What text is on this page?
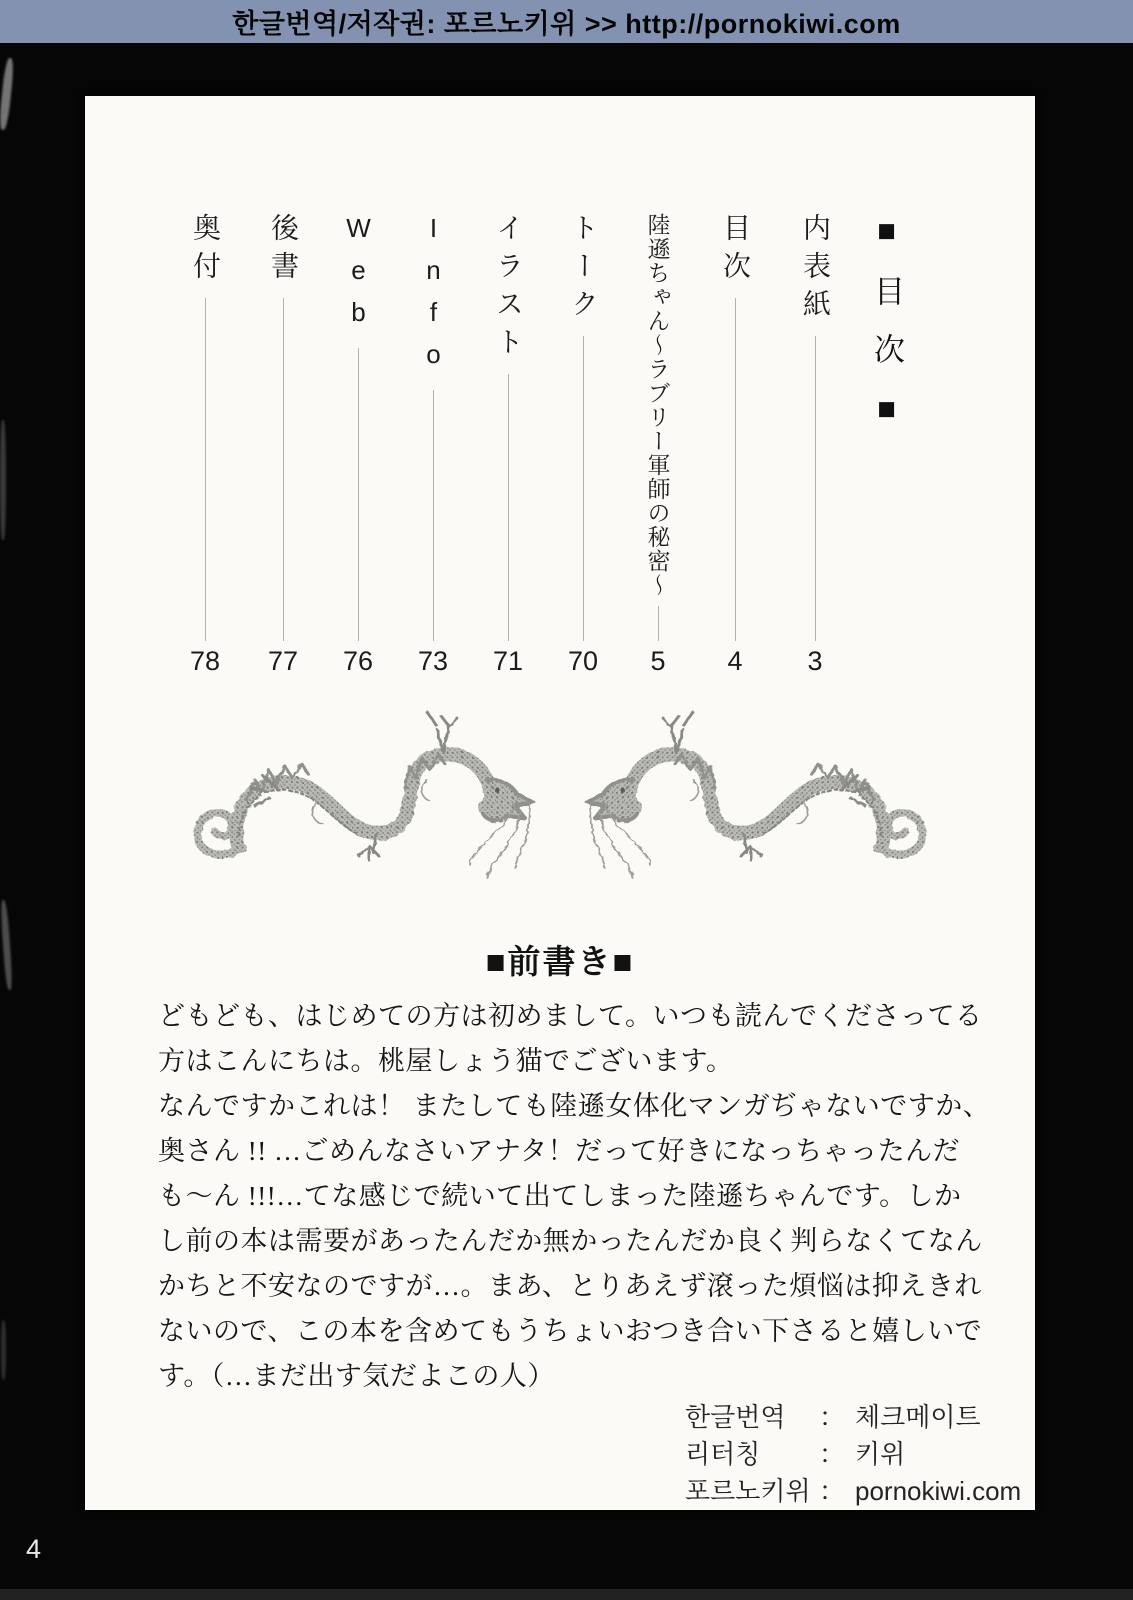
한글번역/저작권: 포르노키위 >> http://pornokiwi.com
■目次■
内表紙
3
目次
4
陸遜ちゃん～ラブリー軍師の秘密～
5
トーク
70
イラスト
71
Info
73
Web
76
後書
77
奥付
78
■前書き■
どもども、はじめての方は初めまして。いつも読んでくださってる
方はこんにちは。桃屋しょう猫でございます。
なんですかこれは！ またしても陸遜女体化マンガぢゃないですか、
奥さん !! …ごめんなさいアナタ！だって好きになっちゃったんだ
も～ん !!!…てな感じで続いて出てしまった陸遜ちゃんです。しか
し前の本は需要があったんだか無かったんだか良く判らなくてなん
かちと不安なのですが…。まあ、とりあえず滾った煩悩は抑えきれ
ないので、この本を含めてもうちょいおつき合い下さると嬉しいで
す。（…まだ出す気だよこの人）
한글번역	： 체크메이트
리터칭	： 키위
포르노키위 ： pornokiwi.com
4
